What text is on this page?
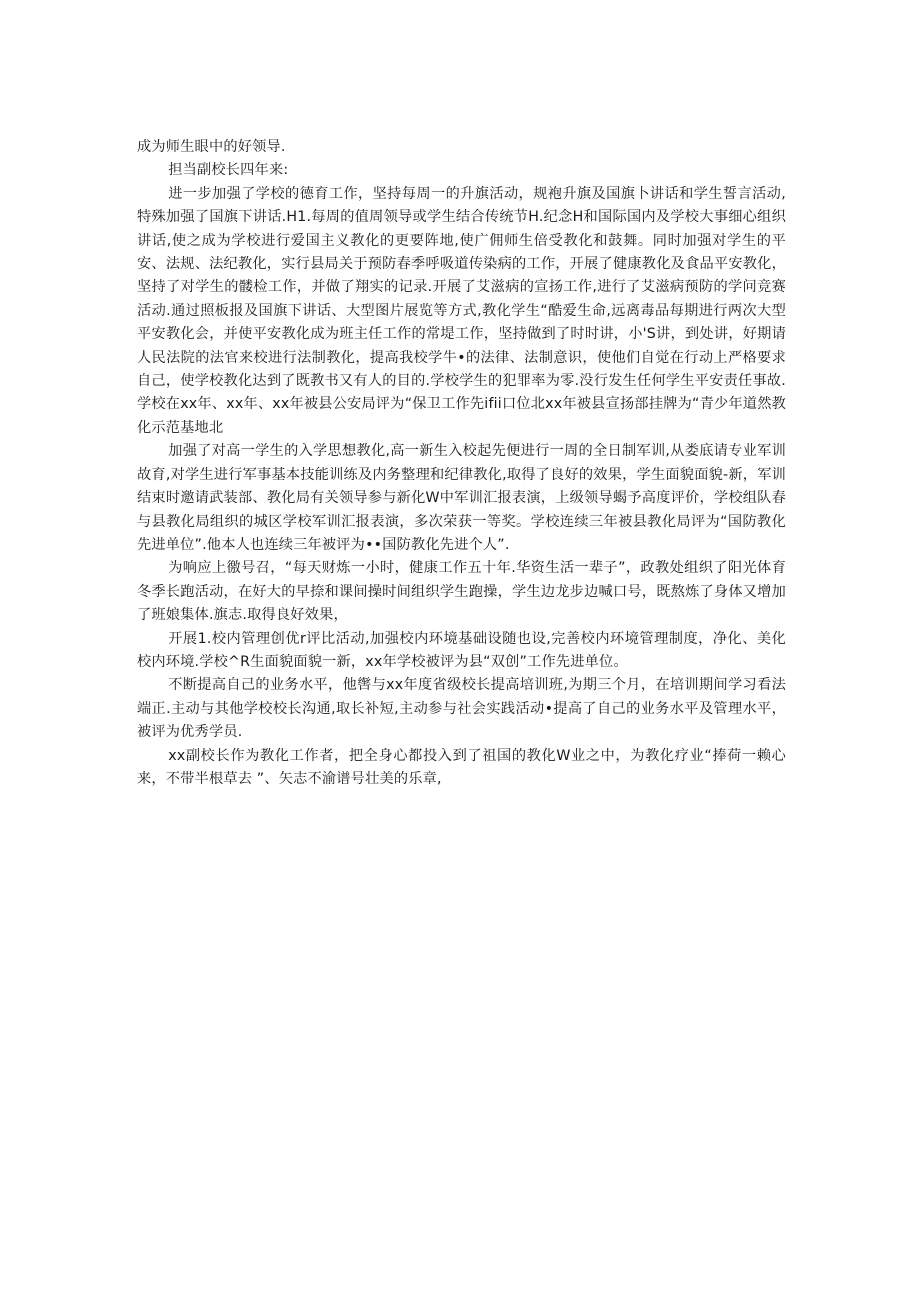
成为师生眼中的好领导.

担当副校长四年来:

进一步加强了学校的德育工作，坚持每周一的升旗活动，规袍升旗及国旗卜讲话和学生誓言活动,特殊加强了国旗下讲话.H1.每周的值周领导或学生结合传统节H.纪念H和国际国内及学校大事细心组织讲话,使之成为学校进行爱国主义教化的更要阵地,使广佣师生倍受教化和鼓舞。同时加强对学生的平安、法规、法纪教化，实行县局关于预防春季呼吸道传染病的工作，开展了健康教化及食品平安教化，坚持了对学生的髅检工作，并做了翔实的记录.开展了艾滋病的宣扬工作,进行了艾滋病预防的学问竞赛活动.通过照板报及国旗下讲话、大型图片展览等方式,教化学生“酷爱生命,远离毒品每期进行两次大型平安教化会，并使平安教化成为班主任工作的常堤工作，坚持做到了时时讲，小'S讲，到处讲，好期请人民法院的法官来校进行法制教化，提高我校学牛•的法律、法制意识，使他们自觉在行动上严格要求自己，使学校教化达到了既教书又有人的目的.学校学生的犯罪率为零.没行发生任何学生平安责任事故.学校在xx年、xx年、xx年被县公安局评为“保卫工作先ifii口位北xx年被县宣扬部挂牌为“青少年道然教化示范基地北

加强了对高一学生的入学思想教化,高一新生入校起先便进行一周的全日制军训,从娄底请专业军训故育,对学生进行军事基本技能训练及内务整理和纪律教化,取得了良好的效果，学生面貌面貌-新，军训结束时邀请武装部、教化局有关领导参与新化W中军训汇报表演，上级领导蝎予高度评价，学校组队春与县教化局组织的城区学校军训汇报表演，多次荣获一等奖。学校连续三年被县教化局评为“国防教化先进单位”.他本人也连续三年被评为••国防教化先进个人”.

为响应上徼号召，“每天财炼一小时，健康工作五十年.华资生活一辈子”，政教处组织了阳光体育冬季长跑活动，在好大的早捺和课间操时间组织学生跑操，学生边龙步边喊口号，既熬炼了身体又增加了班娘集体.旗志.取得良好效果，

开展1.校内管理创优r评比活动,加强校内环境基础设随也设,完善校内环境管理制度，净化、美化校内环境.学校^R生面貌面貌一新，xx年学校被评为县“双创”工作先进单位。

不断提高自己的业务水平，他辔与xx年度省级校长提高培训班,为期三个月，在培训期间学习看法端正.主动与其他学校校长沟通,取长补短,主动参与社会实践活动•提高了自己的业务水平及管理水平，被评为优秀学员.

xx副校长作为教化工作者，把全身心都投入到了祖国的教化W业之中，为教化疗业“捧荷一赖心来，不带半根草去 ”、矢志不渝谱号壮美的乐章,
